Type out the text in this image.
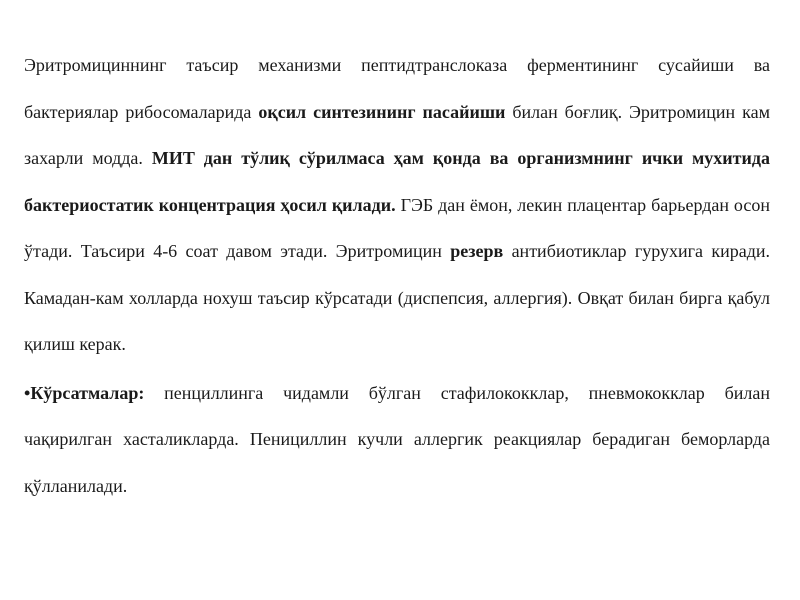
Эритромициннинг таъсир механизми пептидтранслоказа ферментининг сусайиши ва бактериялар рибосомаларида оқсил синтезининг пасайиши билан боғлиқ. Эритромицин кам захарли модда. МИТ дан тўлиқ сўрилмаса ҳам қонда ва организмнинг ички мухитида бактериостатик концентрация ҳосил қилади. ГЭБ дан ёмон, лекин плацентар барьердан осон ўтади. Таъсири 4-6 соат давом этади. Эритромицин резерв антибиотиклар гурухига киради. Камадан-кам холларда нохуш таъсир кўрсатади (диспепсия, аллергия). Овқат билан бирга қабул қилиш керак.

•Кўрсатмалар: пенциллинга чидамли бўлган стафилококклар, пневмококклар билан чақирилган хасталикларда. Пенициллин кучли аллергик реакциялар берадиган беморларда қўлланилади.
